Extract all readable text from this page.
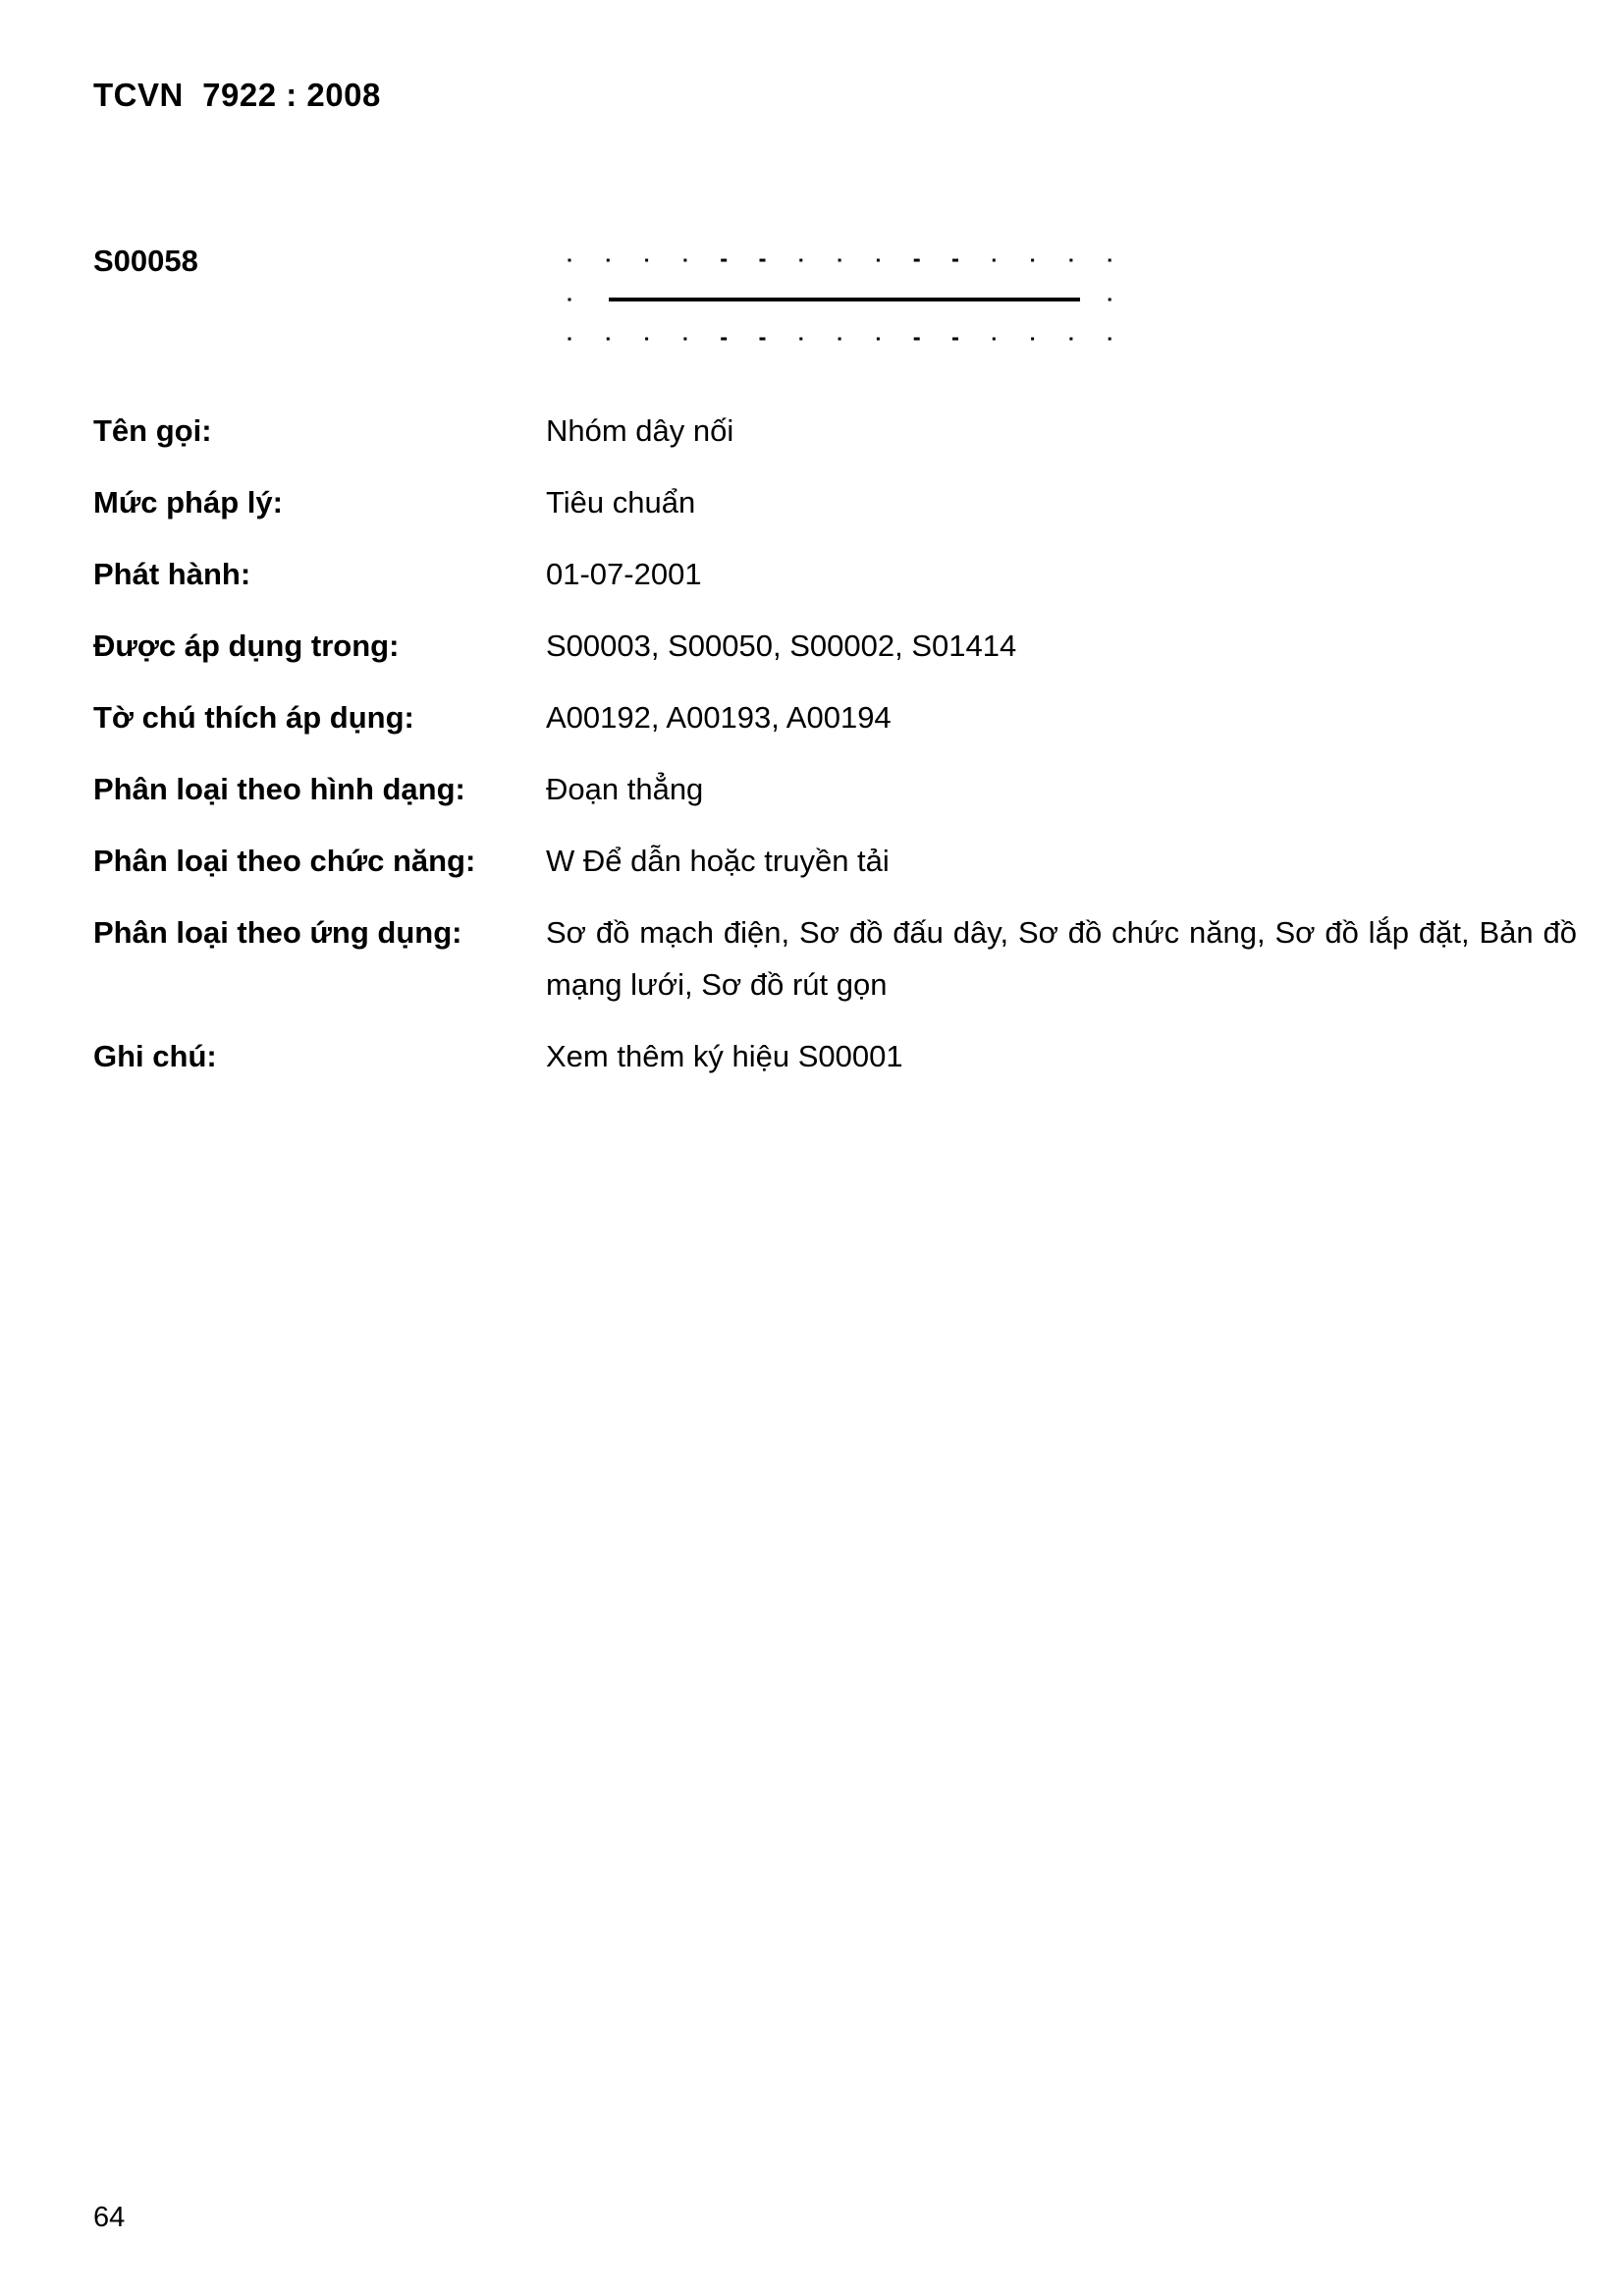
TCVN  7922 : 2008
S00058
Tên gọi:	Nhóm dây nối
Mức pháp lý:	Tiêu chuẩn
Phát hành:	01-07-2001
Được áp dụng trong:	S00003, S00050, S00002, S01414
Tờ chú thích áp dụng:	A00192, A00193, A00194
Phân loại theo hình dạng:	Đoạn thẳng
Phân loại theo chức năng: W Để dẫn hoặc truyền tải
Phân loại theo ứng dụng:	Sơ đồ mạch điện, Sơ đồ đấu dây, Sơ đồ chức năng, Sơ đồ lắp đặt, Bản đồ mạng lưới, Sơ đồ rút gọn
Ghi chú:	Xem thêm ký hiệu S00001
64
